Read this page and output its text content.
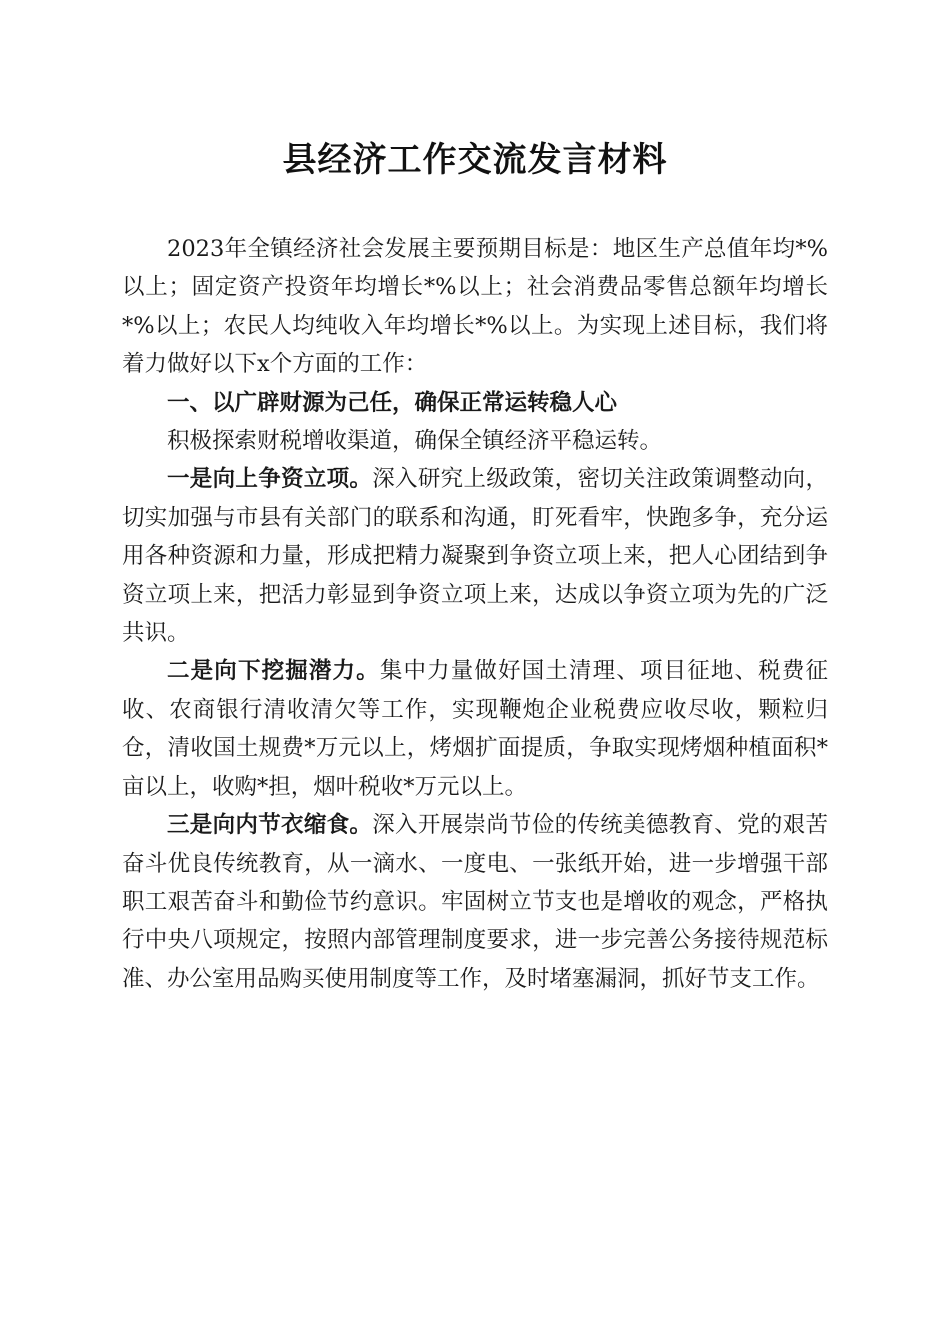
县经济工作交流发言材料

2023年全镇经济社会发展主要预期目标是：地区生产总值年均*%以上；固定资产投资年均增长*%以上；社会消费品零售总额年均增长*%以上；农民人均纯收入年均增长*%以上。为实现上述目标，我们将着力做好以下x个方面的工作：

一、以广辟财源为己任，确保正常运转稳人心

积极探索财税增收渠道，确保全镇经济平稳运转。

一是向上争资立项。深入研究上级政策，密切关注政策调整动向，切实加强与市县有关部门的联系和沟通，盯死看牢，快跑多争，充分运用各种资源和力量，形成把精力凝聚到争资立项上来，把人心团结到争资立项上来，把活力彰显到争资立项上来，达成以争资立项为先的广泛共识。

二是向下挖掘潜力。集中力量做好国土清理、项目征地、税费征收、农商银行清收清欠等工作，实现鞭炮企业税费应收尽收，颗粒归仓，清收国土规费*万元以上，烤烟扩面提质，争取实现烤烟种植面积*亩以上，收购*担，烟叶税收*万元以上。

三是向内节衣缩食。深入开展崇尚节俭的传统美德教育、党的艰苦奋斗优良传统教育，从一滴水、一度电、一张纸开始，进一步增强干部职工艰苦奋斗和勤俭节约意识。牢固树立节支也是增收的观念，严格执行中央八项规定，按照内部管理制度要求，进一步完善公务接待规范标准、办公室用品购买使用制度等工作，及时堵塞漏洞，抓好节支工作。
